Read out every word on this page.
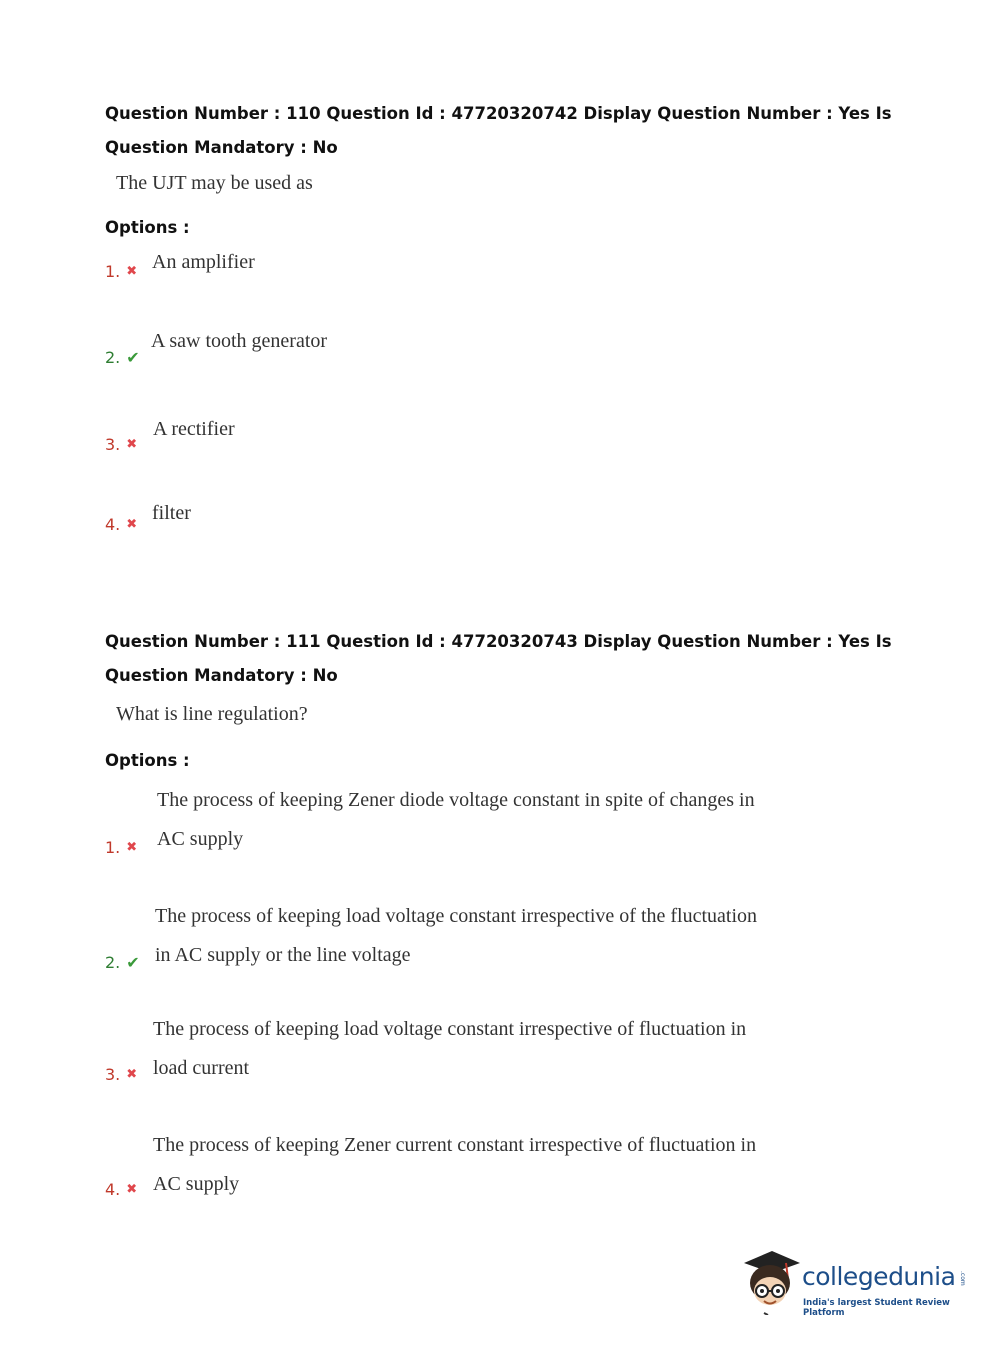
Question Number : 110 Question Id : 47720320742 Display Question Number : Yes Is Question Mandatory : No
The UJT may be used as
Options :
1. ✖ An amplifier
2. ✔
A saw tooth generator
3. ✖
A rectifier
4. ✖
filter
Question Number : 111 Question Id : 47720320743 Display Question Number : Yes Is Question Mandatory : No
What is line regulation?
Options :
1. ✖
The process of keeping Zener diode voltage constant in spite of changes in
AC supply
2. ✔
The process of keeping load voltage constant irrespective of the fluctuation
in AC supply or the line voltage
3. ✖
The process of keeping load voltage constant irrespective of fluctuation in
load current
4. ✖
The process of keeping Zener current constant irrespective of fluctuation in
AC supply
collegedunia .com
India's largest Student Review Platform
